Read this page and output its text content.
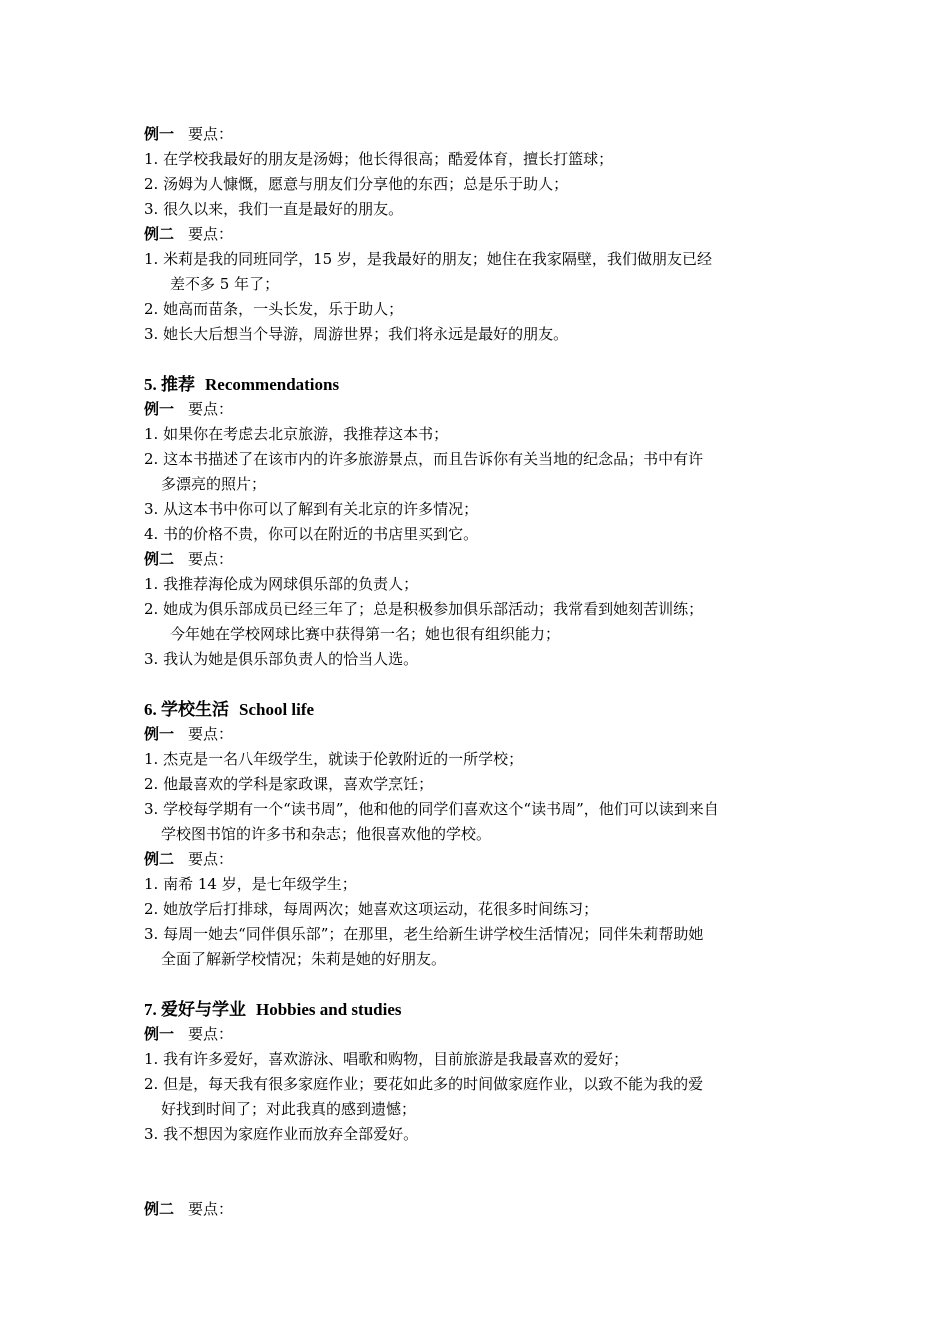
例一 要点：
1. 在学校我最好的朋友是汤姆；他长得很高；酷爱体育，擅长打篮球；
2. 汤姆为人慷慨，愿意与朋友们分享他的东西；总是乐于助人；
3. 很久以来，我们一直是最好的朋友。
例二 要点：
1. 米莉是我的同班同学，15 岁，是我最好的朋友；她住在我家隔壁，我们做朋友已经
差不多 5 年了；
2. 她高而苗条，一头长发，乐于助人；
3. 她长大后想当个导游，周游世界；我们将永远是最好的朋友。
5. 推荐 Recommendations
例一 要点：
1. 如果你在考虑去北京旅游，我推荐这本书；
2. 这本书描述了在该市内的许多旅游景点，而且告诉你有关当地的纪念品；书中有许
多漂亮的照片；
3. 从这本书中你可以了解到有关北京的许多情况；
4. 书的价格不贵，你可以在附近的书店里买到它。
例二 要点：
1. 我推荐海伦成为网球俱乐部的负责人；
2. 她成为俱乐部成员已经三年了；总是积极参加俱乐部活动；我常看到她刻苦训练；
今年她在学校网球比赛中获得第一名；她也很有组织能力；
3. 我认为她是俱乐部负责人的恰当人选。
6. 学校生活 School life
例一 要点：
1. 杰克是一名八年级学生，就读于伦敦附近的一所学校；
2. 他最喜欢的学科是家政课，喜欢学烹饪；
3. 学校每学期有一个“读书周”，他和他的同学们喜欢这个“读书周”，他们可以读到来自
学校图书馆的许多书和杂志；他很喜欢他的学校。
例二 要点：
1. 南希 14 岁，是七年级学生；
2. 她放学后打排球，每周两次；她喜欢这项运动，花很多时间练习；
3. 每周一她去“同伴俱乐部”；在那里，老生给新生讲学校生活情况；同伴朱莉帮助她
全面了解新学校情况；朱莉是她的好朋友。
7. 爱好与学业 Hobbies and studies
例一 要点：
1. 我有许多爱好，喜欢游泳、唱歌和购物，目前旅游是我最喜欢的爱好；
2. 但是，每天我有很多家庭作业；要花如此多的时间做家庭作业，以致不能为我的爱
好找到时间了；对此我真的感到遗憾；
3. 我不想因为家庭作业而放弃全部爱好。
例二 要点：
